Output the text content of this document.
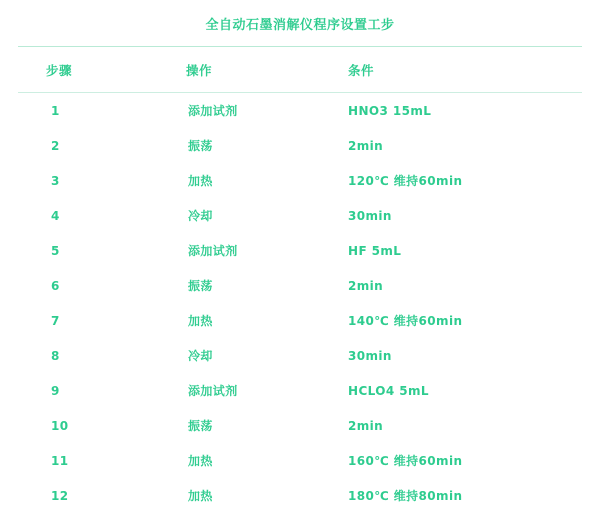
全自动石墨消解仪程序设置工步
步骤	操作	条件
1	添加试剂	HNO3 15mL
2	振荡	2min
3	加热	120℃ 维持60min
4	冷却	30min
5	添加试剂	HF 5mL
6	振荡	2min
7	加热	140℃ 维持60min
8	冷却	30min
9	添加试剂	HCLO4 5mL
10	振荡	2min
11	加热	160℃ 维持60min
12	加热	180℃ 维持80min
